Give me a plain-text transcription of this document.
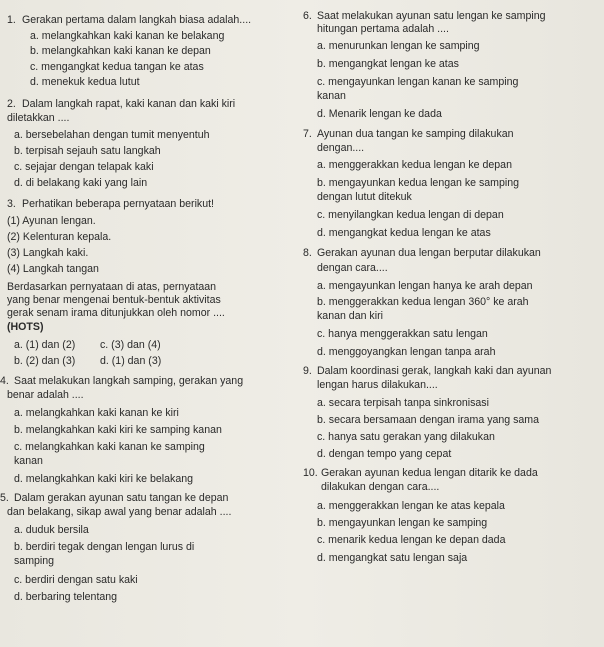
1. Gerakan pertama dalam langkah biasa adalah....
a. melangkahkan kaki kanan ke belakang
b. melangkahkan kaki kanan ke depan
c. mengangkat kedua tangan ke atas
d. menekuk kedua lutut
2. Dalam langkah rapat, kaki kanan dan kaki kiri
diletakkan ....
a. bersebelahan dengan tumit menyentuh
b. terpisah sejauh satu langkah
c. sejajar dengan telapak kaki
d. di belakang kaki yang lain
3. Perhatikan beberapa pernyataan berikut!
(1) Ayunan lengan.
(2) Kelenturan kepala.
(3) Langkah kaki.
(4) Langkah tangan
Berdasarkan pernyataan di atas, pernyataan
yang benar mengenai bentuk-bentuk aktivitas
gerak senam irama ditunjukkan oleh nomor ....
(HOTS)
a. (1) dan (2) c. (3) dan (4)
b. (2) dan (3) d. (1) dan (3)
4. Saat melakukan langkah samping, gerakan yang
benar adalah ....
a. melangkahkan kaki kanan ke kiri
b. melangkahkan kaki kiri ke samping kanan
c. melangkahkan kaki kanan ke samping
kanan
d. melangkahkan kaki kiri ke belakang
5. Dalam gerakan ayunan satu tangan ke depan
dan belakang, sikap awal yang benar adalah ....
a. duduk bersila
b. berdiri tegak dengan lengan lurus di
samping
c. berdiri dengan satu kaki
d. berbaring telentang
6. Saat melakukan ayunan satu lengan ke samping
hitungan pertama adalah ....
a. menurunkan lengan ke samping
b. mengangkat lengan ke atas
c. mengayunkan lengan kanan ke samping
kanan
d. Menarik lengan ke dada
7. Ayunan dua tangan ke samping dilakukan
dengan....
a. menggerakkan kedua lengan ke depan
b. mengayunkan kedua lengan ke samping
dengan lutut ditekuk
c. menyilangkan kedua lengan di depan
d. mengangkat kedua lengan ke atas
8. Gerakan ayunan dua lengan berputar dilakukan
dengan cara....
a. mengayunkan lengan hanya ke arah depan
b. menggerakkan kedua lengan 360° ke arah
kanan dan kiri
c. hanya menggerakkan satu lengan
d. menggoyangkan lengan tanpa arah
9. Dalam koordinasi gerak, langkah kaki dan ayunan
lengan harus dilakukan....
a. secara terpisah tanpa sinkronisasi
b. secara bersamaan dengan irama yang sama
c. hanya satu gerakan yang dilakukan
d. dengan tempo yang cepat
10. Gerakan ayunan kedua lengan ditarik ke dada
dilakukan dengan cara....
a. menggerakkan lengan ke atas kepala
b. mengayunkan lengan ke samping
c. menarik kedua lengan ke depan dada
d. mengangkat satu lengan saja
